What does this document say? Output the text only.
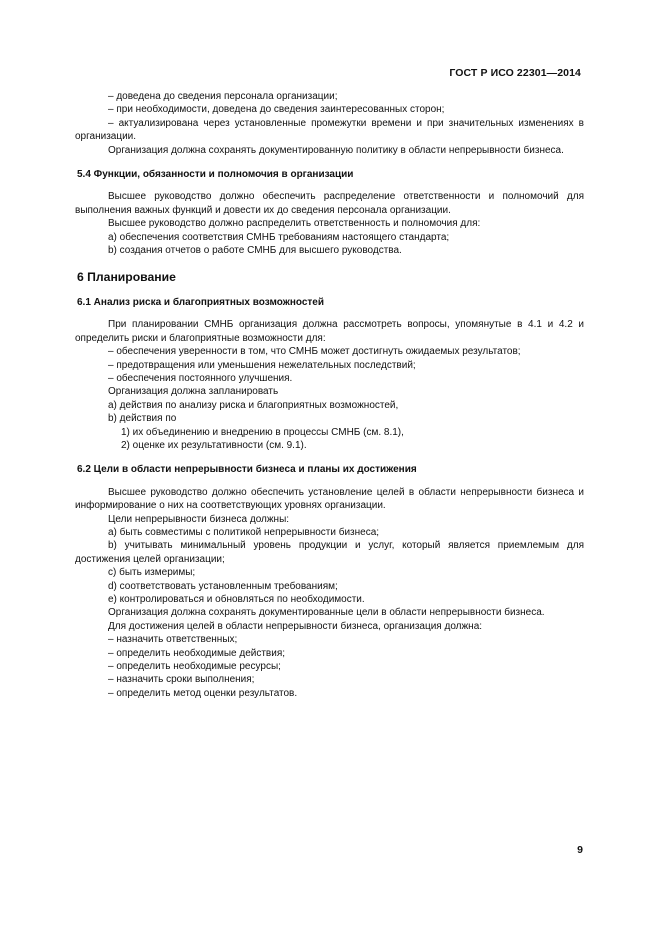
ГОСТ Р ИСО 22301—2014

– доведена до сведения персонала организации;

– при необходимости, доведена до сведения заинтересованных сторон;

– актуализирована через установленные промежутки времени и при значительных изменениях в организации.

Организация должна сохранять документированную политику в области непрерывности бизнеса.

5.4 Функции, обязанности и полномочия в организации

Высшее руководство должно обеспечить распределение ответственности и полномочий для выполнения важных функций и довести их до сведения персонала организации.

Высшее руководство должно распределить ответственность и полномочия для:

a) обеспечения соответствия СМНБ требованиям настоящего стандарта;

b) создания отчетов о работе СМНБ для высшего руководства.

6 Планирование
6.1 Анализ риска и благоприятных возможностей

При планировании СМНБ организация должна рассмотреть вопросы, упомянутые в 4.1 и 4.2 и определить риски и благоприятные возможности для:

– обеспечения уверенности в том, что СМНБ может достигнуть ожидаемых результатов;

– предотвращения или уменьшения нежелательных последствий;

– обеспечения постоянного улучшения.

Организация должна запланировать

a) действия по анализу риска и благоприятных возможностей,

b) действия по

1) их объединению и внедрению в процессы СМНБ (см. 8.1),

2) оценке их результативности (см. 9.1).

6.2 Цели в области непрерывности бизнеса и планы их достижения

Высшее руководство должно обеспечить установление целей в области непрерывности бизнеса и информирование о них на соответствующих уровнях организации.

Цели непрерывности бизнеса должны:

a) быть совместимы с политикой непрерывности бизнеса;

b) учитывать минимальный уровень продукции и услуг, который является приемлемым для достижения целей организации;

c) быть измеримы;

d) соответствовать установленным требованиям;

e) контролироваться и обновляться по необходимости.

Организация должна сохранять документированные цели в области непрерывности бизнеса.

Для достижения целей в области непрерывности бизнеса, организация должна:

– назначить ответственных;

– определить необходимые действия;

– определить необходимые ресурсы;

– назначить сроки выполнения;

– определить метод оценки результатов.

9
